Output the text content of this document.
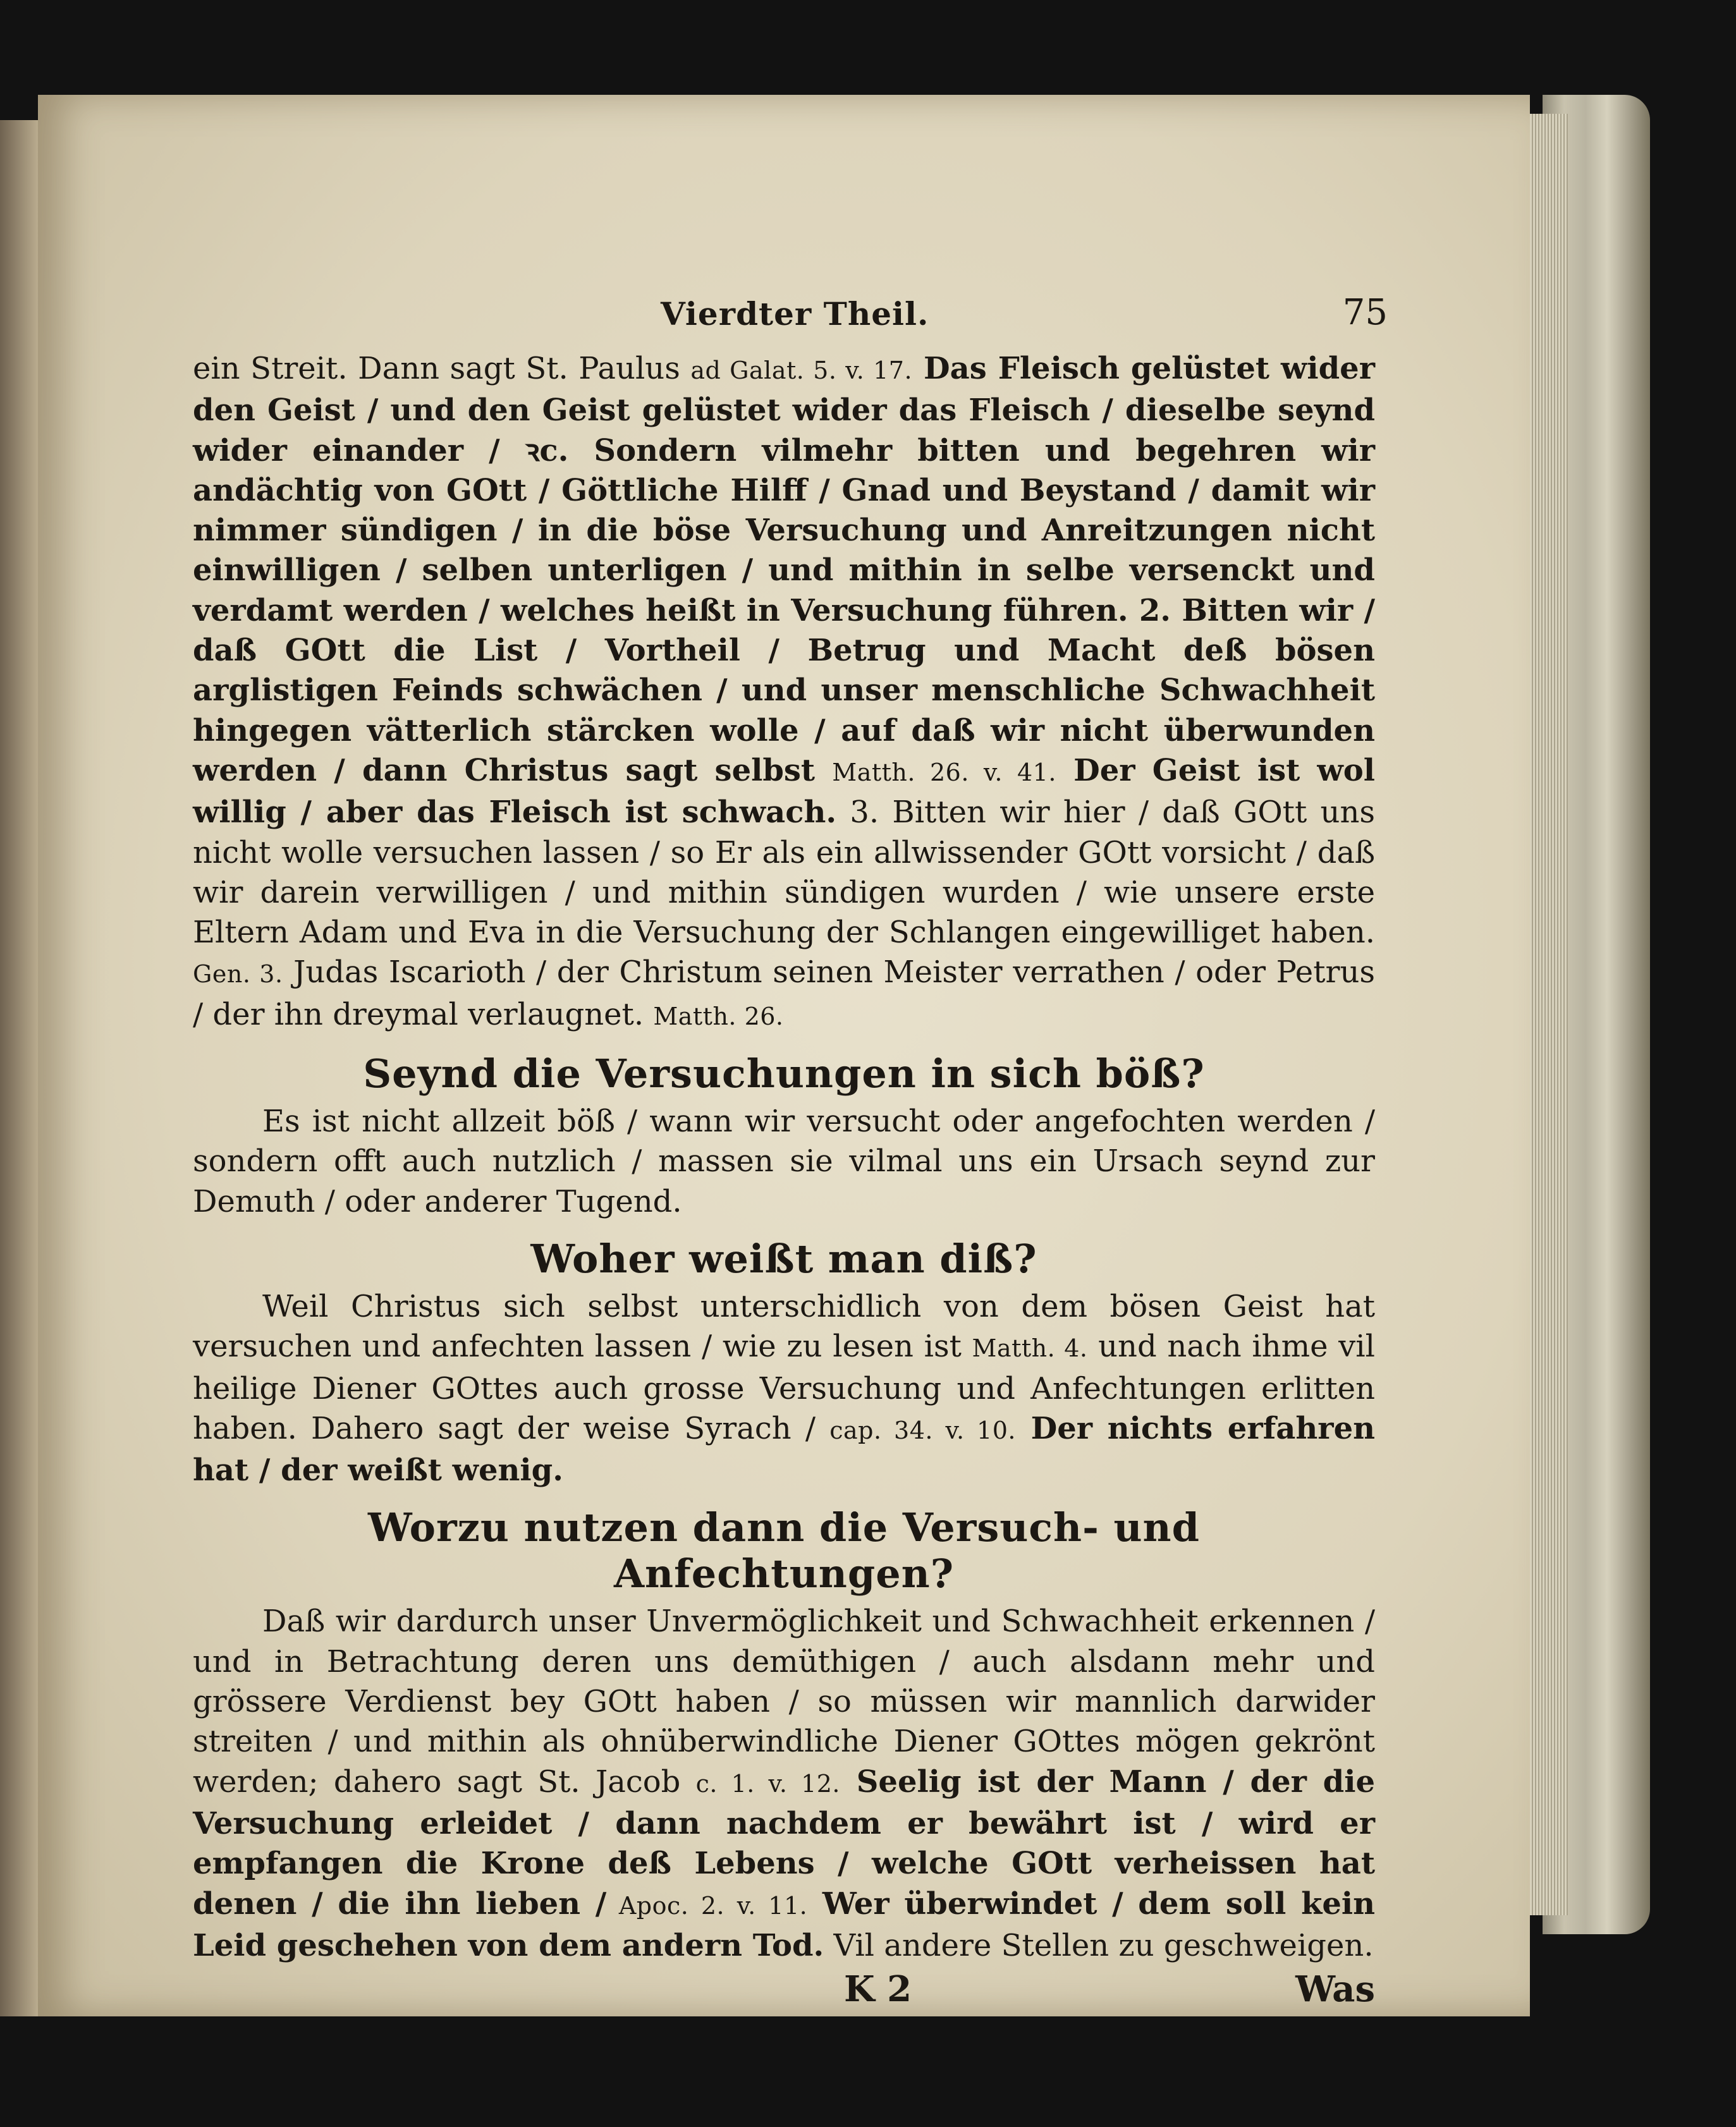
Vierdter Theil.	75

ein Streit. Dann sagt St. Paulus ad Galat. 5. v. 17. Das Fleisch gelüstet wider den Geist / und den Geist gelüstet wider das Fleisch / dieselbe seynd wider einander / ꝛc. Sondern vilmehr bitten und begehren wir andächtig von GOtt / Göttliche Hilff / Gnad und Beystand / damit wir nimmer sündigen / in die böse Versuchung und Anreitzungen nicht einwilligen / selben unterligen / und mithin in selbe versenckt und verdamt werden / welches heißt in Versuchung führen. 2. Bitten wir / daß GOtt die List / Vortheil / Betrug und Macht deß bösen arglistigen Feinds schwächen / und unser menschliche Schwachheit hingegen vätterlich stärcken wolle / auf daß wir nicht überwunden werden / dann Christus sagt selbst Matth. 26. v. 41. Der Geist ist wol willig / aber das Fleisch ist schwach. 3. Bitten wir hier / daß GOtt uns nicht wolle versuchen lassen / so Er als ein allwissender GOtt vorsicht / daß wir darein verwilligen / und mithin sündigen wurden / wie unsere erste Eltern Adam und Eva in die Versuchung der Schlangen eingewilliget haben. Gen. 3. Judas Iscarioth / der Christum seinen Meister verrathen / oder Petrus / der ihn dreymal verlaugnet. Matth. 26.

Seynd die Versuchungen in sich böß?

Es ist nicht allzeit böß / wann wir versucht oder angefochten werden / sondern offt auch nutzlich / massen sie vilmal uns ein Ursach seynd zur Demuth / oder anderer Tugend.

Woher weißt man diß?

Weil Christus sich selbst unterschidlich von dem bösen Geist hat versuchen und anfechten lassen / wie zu lesen ist Matth. 4. und nach ihme vil heilige Diener GOttes auch grosse Versuchung und Anfechtungen erlitten haben. Dahero sagt der weise Syrach / cap. 34. v. 10. Der nichts erfahren hat / der weißt wenig.

Worzu nutzen dann die Versuch- und Anfechtungen?

Daß wir dardurch unser Unvermöglichkeit und Schwachheit erkennen / und in Betrachtung deren uns demüthigen / auch alsdann mehr und grössere Verdienst bey GOtt haben / so müssen wir mannlich darwider streiten / und mithin als ohnüberwindliche Diener GOttes mögen gekrönt werden; dahero sagt St. Jacob c. 1. v. 12. Seelig ist der Mann / der die Versuchung erleidet / dann nachdem er bewährt ist / wird er empfangen die Krone deß Lebens / welche GOtt verheissen hat denen / die ihn lieben / Apoc. 2. v. 11. Wer überwindet / dem soll kein Leid geschehen von dem andern Tod. Vil andere Stellen zu geschweigen.

K 2	Was
